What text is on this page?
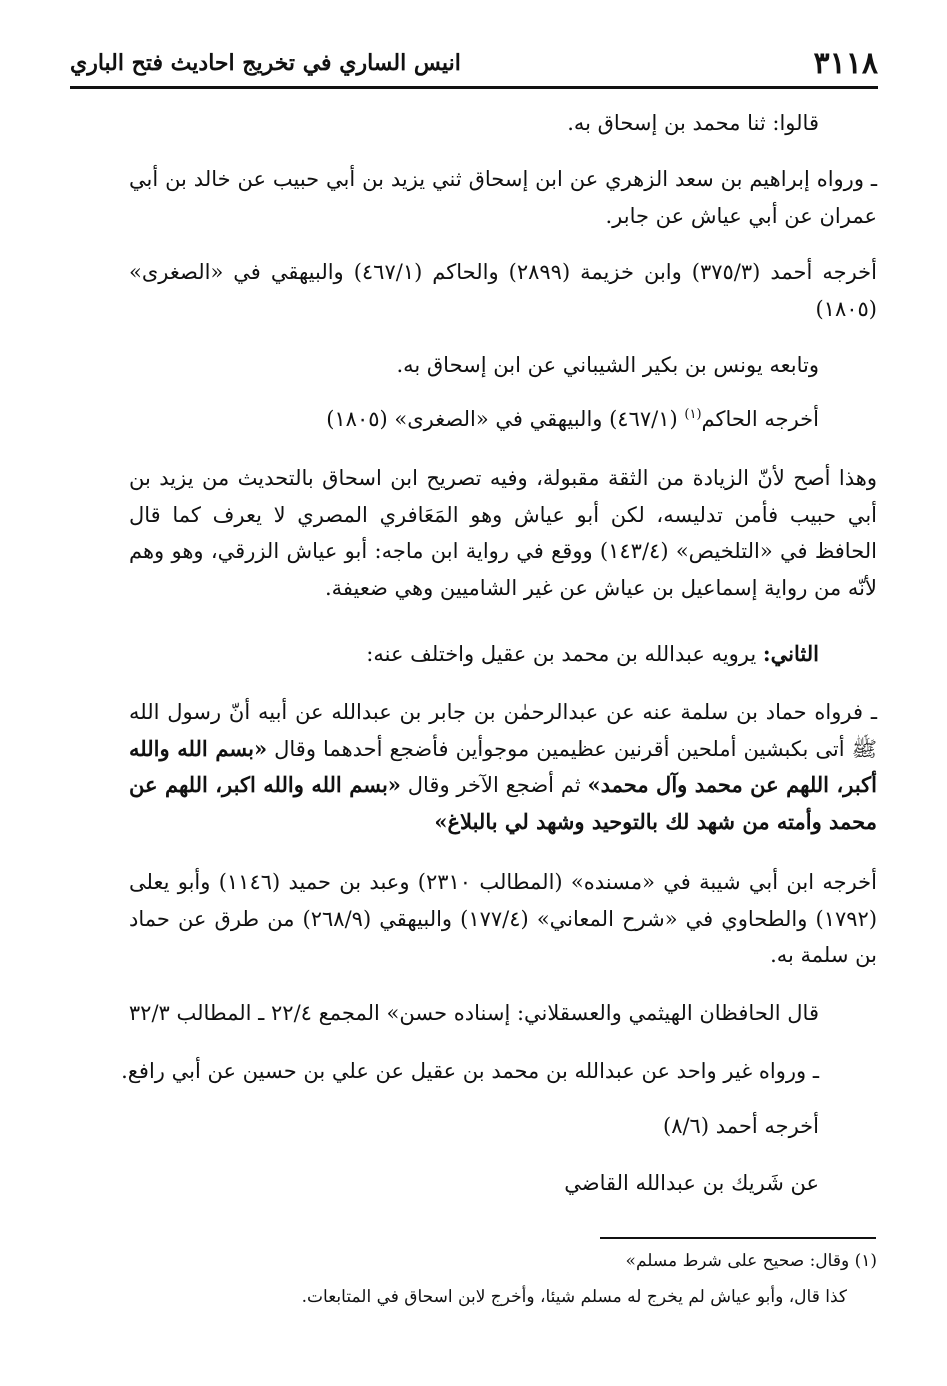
٣١١٨
انيس الساري في تخريج احاديث فتح الباري

قالوا: ثنا محمد بن إسحاق به.

ـ ورواه إبراهيم بن سعد الزهري عن ابن إسحاق ثني يزيد بن أبي حبيب عن خالد بن أبي عمران عن أبي عياش عن جابر.

أخرجه أحمد (٣٧٥/٣) وابن خزيمة (٢٨٩٩) والحاكم (٤٦٧/١) والبيهقي في «الصغرى» (١٨٠٥)

وتابعه يونس بن بكير الشيباني عن ابن إسحاق به.

أخرجه الحاكم$^{(١)}$ (٤٦٧/١) والبيهقي في «الصغرى» (١٨٠٥)

وهذا أصح لأنّ الزيادة من الثقة مقبولة، وفيه تصريح ابن اسحاق بالتحديث من يزيد بن أبي حبيب فأمن تدليسه، لكن أبو عياش وهو المَعَافري المصري لا يعرف كما قال الحافظ في «التلخيص» (١٤٣/٤) ووقع في رواية ابن ماجه: أبو عياش الزرقي، وهو وهم لأنّه من رواية إسماعيل بن عياش عن غير الشاميين وهي ضعيفة.

الثاني: يرويه عبدالله بن محمد بن عقيل واختلف عنه:

ـ فرواه حماد بن سلمة عنه عن عبدالرحمٰن بن جابر بن عبدالله عن أبيه أنّ رسول الله ﷺ أتى بكبشين أملحين أقرنين عظيمين موجوأين فأضجع أحدهما وقال «بسم الله والله أكبر، اللهم عن محمد وآل محمد» ثم أضجع الآخر وقال «بسم الله والله اكبر، اللهم عن محمد وأمته من شهد لك بالتوحيد وشهد لي بالبلاغ»

أخرجه ابن أبي شيبة في «مسنده» (المطالب ٢٣١٠) وعبد بن حميد (١١٤٦) وأبو يعلى (١٧٩٢) والطحاوي في «شرح المعاني» (١٧٧/٤) والبيهقي (٢٦٨/٩) من طرق عن حماد بن سلمة به.

قال الحافظان الهيثمي والعسقلاني: إسناده حسن» المجمع ٢٢/٤ ـ المطالب ٣٢/٣

ـ ورواه غير واحد عن عبدالله بن محمد بن عقيل عن علي بن حسين عن أبي رافع.

أخرجه أحمد (٨/٦)

عن شَريك بن عبدالله القاضي

(١) وقال: صحيح على شرط مسلم»

كذا قال، وأبو عياش لم يخرج له مسلم شيئا، وأخرج لابن اسحاق في المتابعات.
